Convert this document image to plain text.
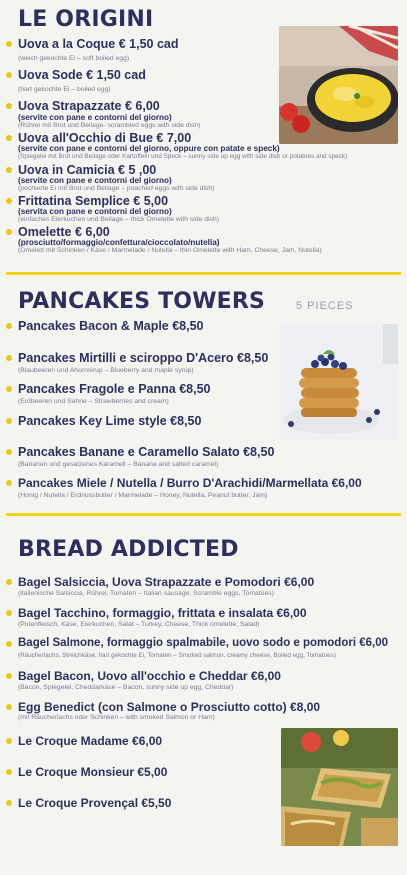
LE ORIGINI
Uova a la Coque € 1,50 cad
(weich gekochte Ei – soft boiled egg)
Uova Sode € 1,50 cad
(hart gekochte Ei – boiled egg)
Uova Strapazzate € 6,00
(servite con pane e contorni del giorno)
(Rührei mit Brot und Beilage- scrambled eggs with side dish)
Uova all'Occhio di Bue € 7,00
(servite con pane e contorni del giorno, oppure con patate e speck)
(Spiegelei mit Brot und Beilage oder Kartoffeln und Speck – sunny side up egg with side dish or potatoes and speck)
Uova in Camicia € 5 ,00
(servite con pane e contorni del giorno)
(pochierte Ei mit Brot und Beilage – poached eggs with side dish)
Frittatina Semplice € 5,00
(servita con pane e contorni del giorno)
(einfaches Eierkuchen und Beilage – thick Omelette with side dish)
Omelette € 6,00
(prosciutto/formaggio/confettura/cioccolato/nutella)
(Omelett mit Schinken / Käse / Marmelade / Nutella – thin Omelette with Ham, Cheese, Jam, Nutella)
PANCAKES TOWERS	5 PIECES
Pancakes Bacon & Maple €8,50
Pancakes Mirtilli e sciroppo D'Acero €8,50
(Blaubeeren und Ahornsirup – Blueberry and maple syrup)
Pancakes Fragole e Panna €8,50
(Erdbeeren und Sahne – Strawberries and cream)
Pancakes Key Lime style €8,50
Pancakes Banane e Caramello Salato €8,50
(Bananen und gesalzenes Karamell – Banana and salted caramel)
Pancakes Miele / Nutella / Burro D'Arachidi/Marmellata €6,00
(Honig / Nutella / Erdnussbutter / Marmelade – Honey, Nutella, Peanut butter, Jam)
BREAD ADDICTED
Bagel Salsiccia, Uova Strapazzate e Pomodori €6,00
(italienische Salsiccia, Rührei, Tomaten – Italian sausage, Scramble eggs, Tomatoes)
Bagel Tacchino, formaggio, frittata e insalata €6,00
(Putenfleisch, Käse, Eierkuchen, Salat – Turkey, Cheese, Thick omelette, Salad)
Bagel Salmone, formaggio spalmabile, uovo sodo e pomodori €6,00
(Räucherlachs, Streichkäse, hart gekochte Ei, Tomaten – Smoked salmon, creamy cheese, Boiled egg, Tomatoes)
Bagel Bacon, Uovo all'occhio e Cheddar €6,00
(Bacon, Spiegelei, Cheddarkäse – Bacon, sunny side up egg, Cheddar)
Egg Benedict (con Salmone o Prosciutto cotto) €8,00
(mit Räucherlachs oder Schinken – with smoked Salmon or Ham)
Le Croque Madame €6,00
Le Croque Monsieur €5,00
Le Croque Provençal €5,50
